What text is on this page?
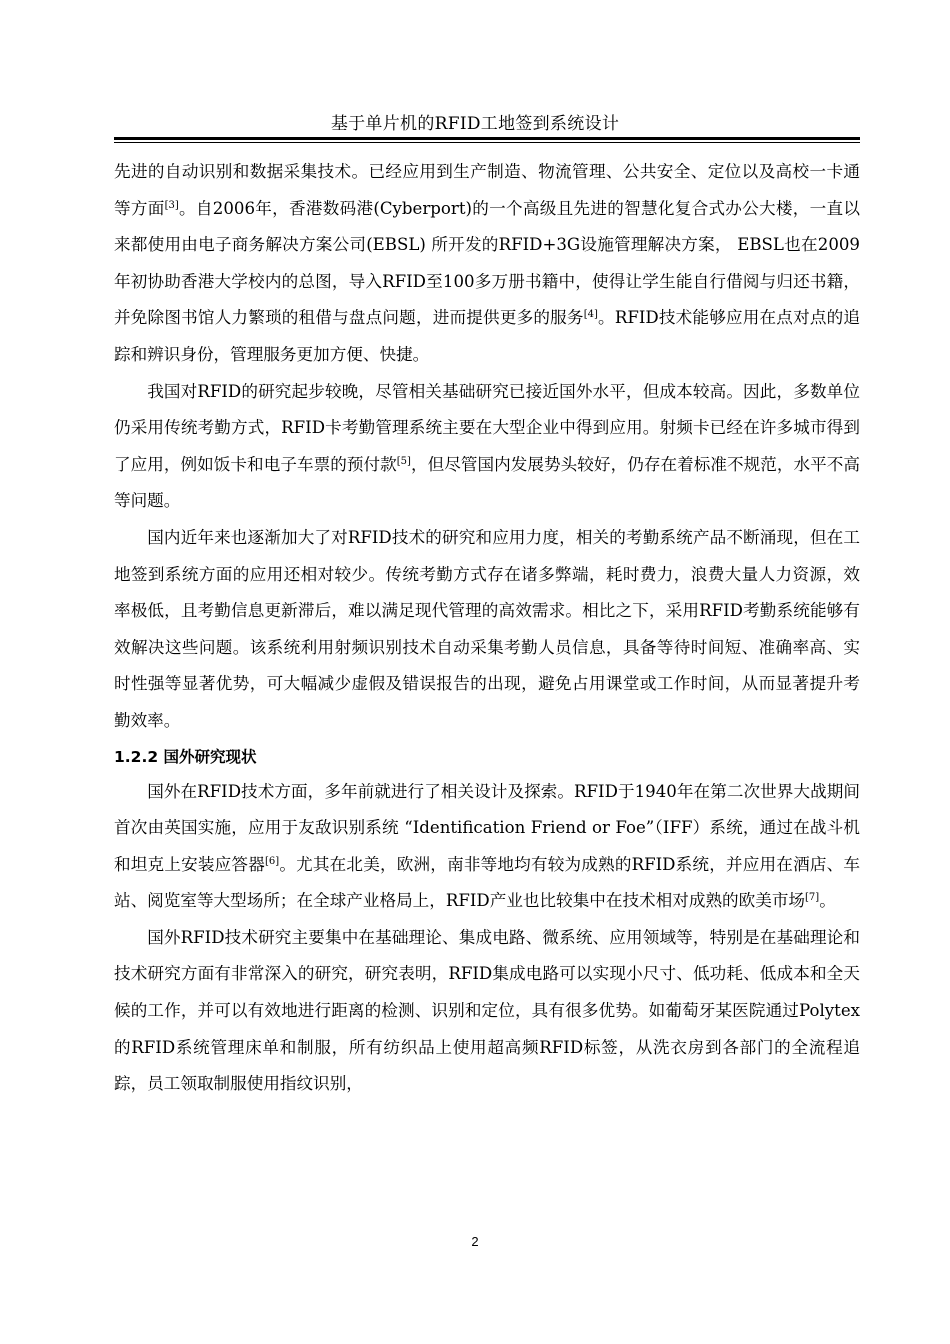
基于单片机的RFID工地签到系统设计

先进的自动识别和数据采集技术。已经应用到生产制造、物流管理、公共安全、定位以及高校一卡通等方面[3]。自2006年，香港数码港(Cyberport)的一个高级且先进的智慧化复合式办公大楼，一直以来都使用由电子商务解决方案公司(EBSL) 所开发的RFID+3G设施管理解决方案， EBSL也在2009年初协助香港大学校内的总图，导入RFID至100多万册书籍中，使得让学生能自行借阅与归还书籍，并免除图书馆人力繁琐的租借与盘点问题，进而提供更多的服务[4]。RFID技术能够应用在点对点的追踪和辨识身份，管理服务更加方便、快捷。

我国对RFID的研究起步较晚，尽管相关基础研究已接近国外水平，但成本较高。因此，多数单位仍采用传统考勤方式，RFID卡考勤管理系统主要在大型企业中得到应用。射频卡已经在许多城市得到了应用，例如饭卡和电子车票的预付款[5]，但尽管国内发展势头较好，仍存在着标准不规范，水平不高等问题。

国内近年来也逐渐加大了对RFID技术的研究和应用力度，相关的考勤系统产品不断涌现，但在工地签到系统方面的应用还相对较少。传统考勤方式存在诸多弊端，耗时费力，浪费大量人力资源，效率极低，且考勤信息更新滞后，难以满足现代管理的高效需求。相比之下，采用RFID考勤系统能够有效解决这些问题。该系统利用射频识别技术自动采集考勤人员信息，具备等待时间短、准确率高、实时性强等显著优势，可大幅减少虚假及错误报告的出现，避免占用课堂或工作时间，从而显著提升考勤效率。

1.2.2 国外研究现状

国外在RFID技术方面，多年前就进行了相关设计及探索。RFID于1940年在第二次世界大战期间首次由英国实施，应用于友敌识别系统 “Identification Friend or Foe”（IFF）系统，通过在战斗机和坦克上安装应答器[6]。尤其在北美，欧洲，南非等地均有较为成熟的RFID系统，并应用在酒店、车站、阅览室等大型场所；在全球产业格局上，RFID产业也比较集中在技术相对成熟的欧美市场[7]。

国外RFID技术研究主要集中在基础理论、集成电路、微系统、应用领域等，特别是在基础理论和技术研究方面有非常深入的研究，研究表明，RFID集成电路可以实现小尺寸、低功耗、低成本和全天候的工作，并可以有效地进行距离的检测、识别和定位，具有很多优势。如葡萄牙某医院通过Polytex的RFID系统管理床单和制服，所有纺织品上使用超高频RFID标签，从洗衣房到各部门的全流程追踪，员工领取制服使用指纹识别，

2
